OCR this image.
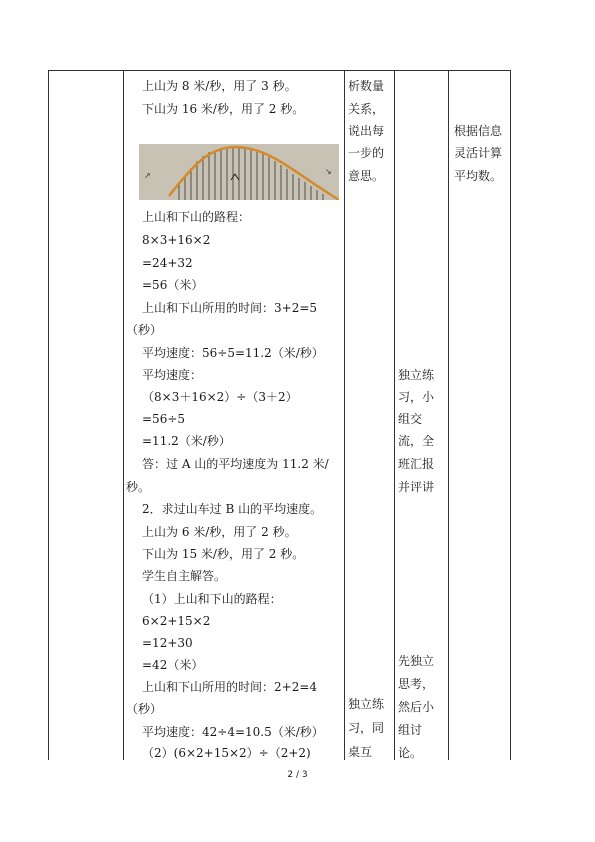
上山为 8 米/秒，用了 3 秒。
下山为 16 米/秒，用了 2 秒。
↗	↘
上山和下山的路程：
8×3+16×2
=24+32
=56（米）
上山和下山所用的时间：3+2=5
（秒）
平均速度：56÷5=11.2（米/秒）
平均速度：
（8×3＋16×2）÷（3＋2）
=56÷5
=11.2（米/秒）
答：过 A 山的平均速度为 11.2 米/
秒。
2．求过山车过 B 山的平均速度。
上山为 6 米/秒，用了 2 秒。
下山为 15 米/秒，用了 2 秒。
学生自主解答。
（1）上山和下山的路程：
6×2+15×2
=12+30
=42（米）
上山和下山所用的时间：2+2=4
（秒）
平均速度：42÷4=10.5（米/秒）
（2）(6×2+15×2）÷（2+2)
析数量
关系，
说出每
一步的
意思。
独立练
习，同
桌互
独立练
习，小
组交
流，全
班汇报
并评讲
先独立
思考，
然后小
组讨
论。
根据信息
灵活计算
平均数。
2 / 3
